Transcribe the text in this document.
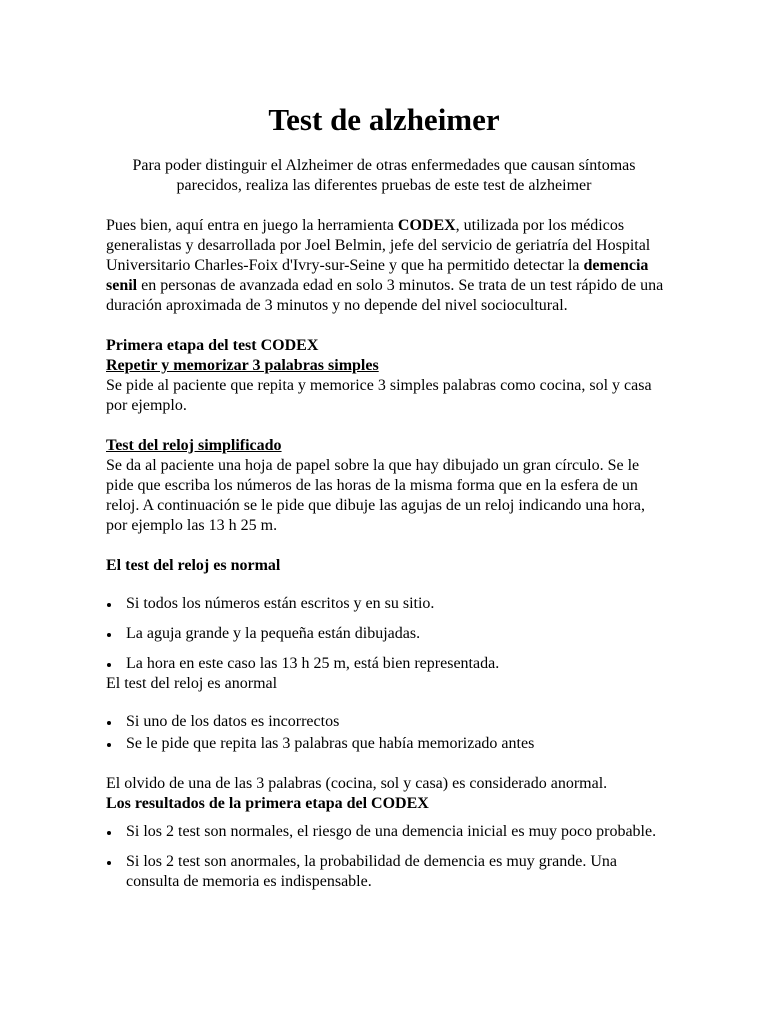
Test de alzheimer

Para poder distinguir el Alzheimer de otras enfermedades que causan síntomas parecidos, realiza las diferentes pruebas de este test de alzheimer

Pues bien, aquí entra en juego la herramienta CODEX, utilizada por los médicos generalistas y desarrollada por Joel Belmin, jefe del servicio de geriatría del Hospital Universitario Charles-Foix d'Ivry-sur-Seine y que ha permitido detectar la demencia senil en personas de avanzada edad en solo 3 minutos. Se trata de un test rápido de una duración aproximada de 3 minutos y no depende del nivel sociocultural.

Primera etapa del test CODEX

Repetir y memorizar 3 palabras simples

Se pide al paciente que repita y memorice 3 simples palabras como cocina, sol y casa por ejemplo.

Test del reloj simplificado

Se da al paciente una hoja de papel sobre la que hay dibujado un gran círculo. Se le pide que escriba los números de las horas de la misma forma que en la esfera de un reloj. A continuación se le pide que dibuje las agujas de un reloj indicando una hora, por ejemplo las 13 h 25 m.

El test del reloj es normal

Si todos los números están escritos y en su sitio.
La aguja grande y la pequeña están dibujadas.
La hora en este caso las 13 h 25 m, está bien representada.

El test del reloj es anormal

Si uno de los datos es incorrectos
Se le pide que repita las 3 palabras que había memorizado antes

El olvido de una de las 3 palabras (cocina, sol y casa) es considerado anormal.

Los resultados de la primera etapa del CODEX

Si los 2 test son normales, el riesgo de una demencia inicial es muy poco probable.
Si los 2 test son anormales, la probabilidad de demencia es muy grande. Una consulta de memoria es indispensable.
